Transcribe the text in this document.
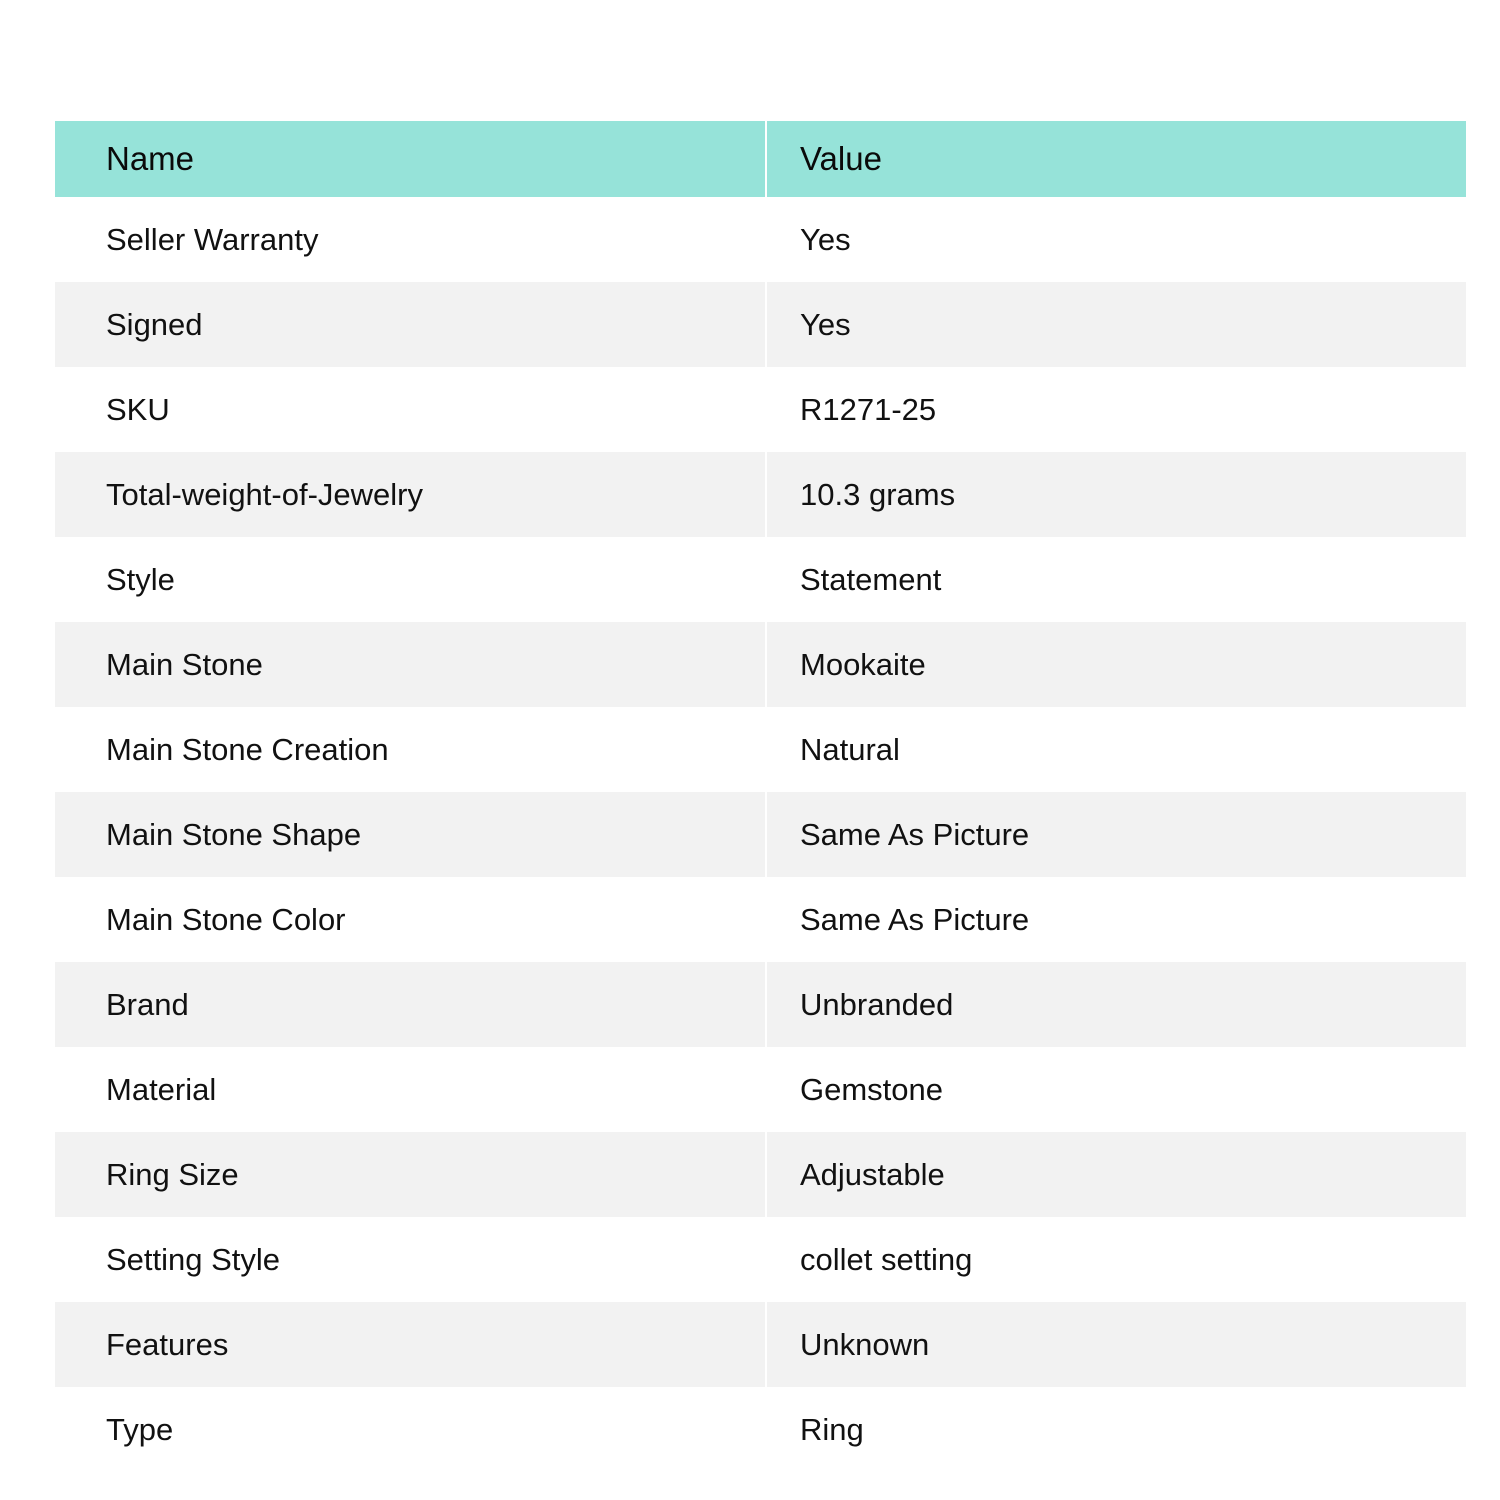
Name	Value
Seller Warranty	Yes
Signed	Yes
SKU	R1271-25
Total-weight-of-Jewelry	10.3 grams
Style	Statement
Main Stone	Mookaite
Main Stone Creation	Natural
Main Stone Shape	Same As Picture
Main Stone Color	Same As Picture
Brand	Unbranded
Material	Gemstone
Ring Size	Adjustable
Setting Style	collet setting
Features	Unknown
Type	Ring
